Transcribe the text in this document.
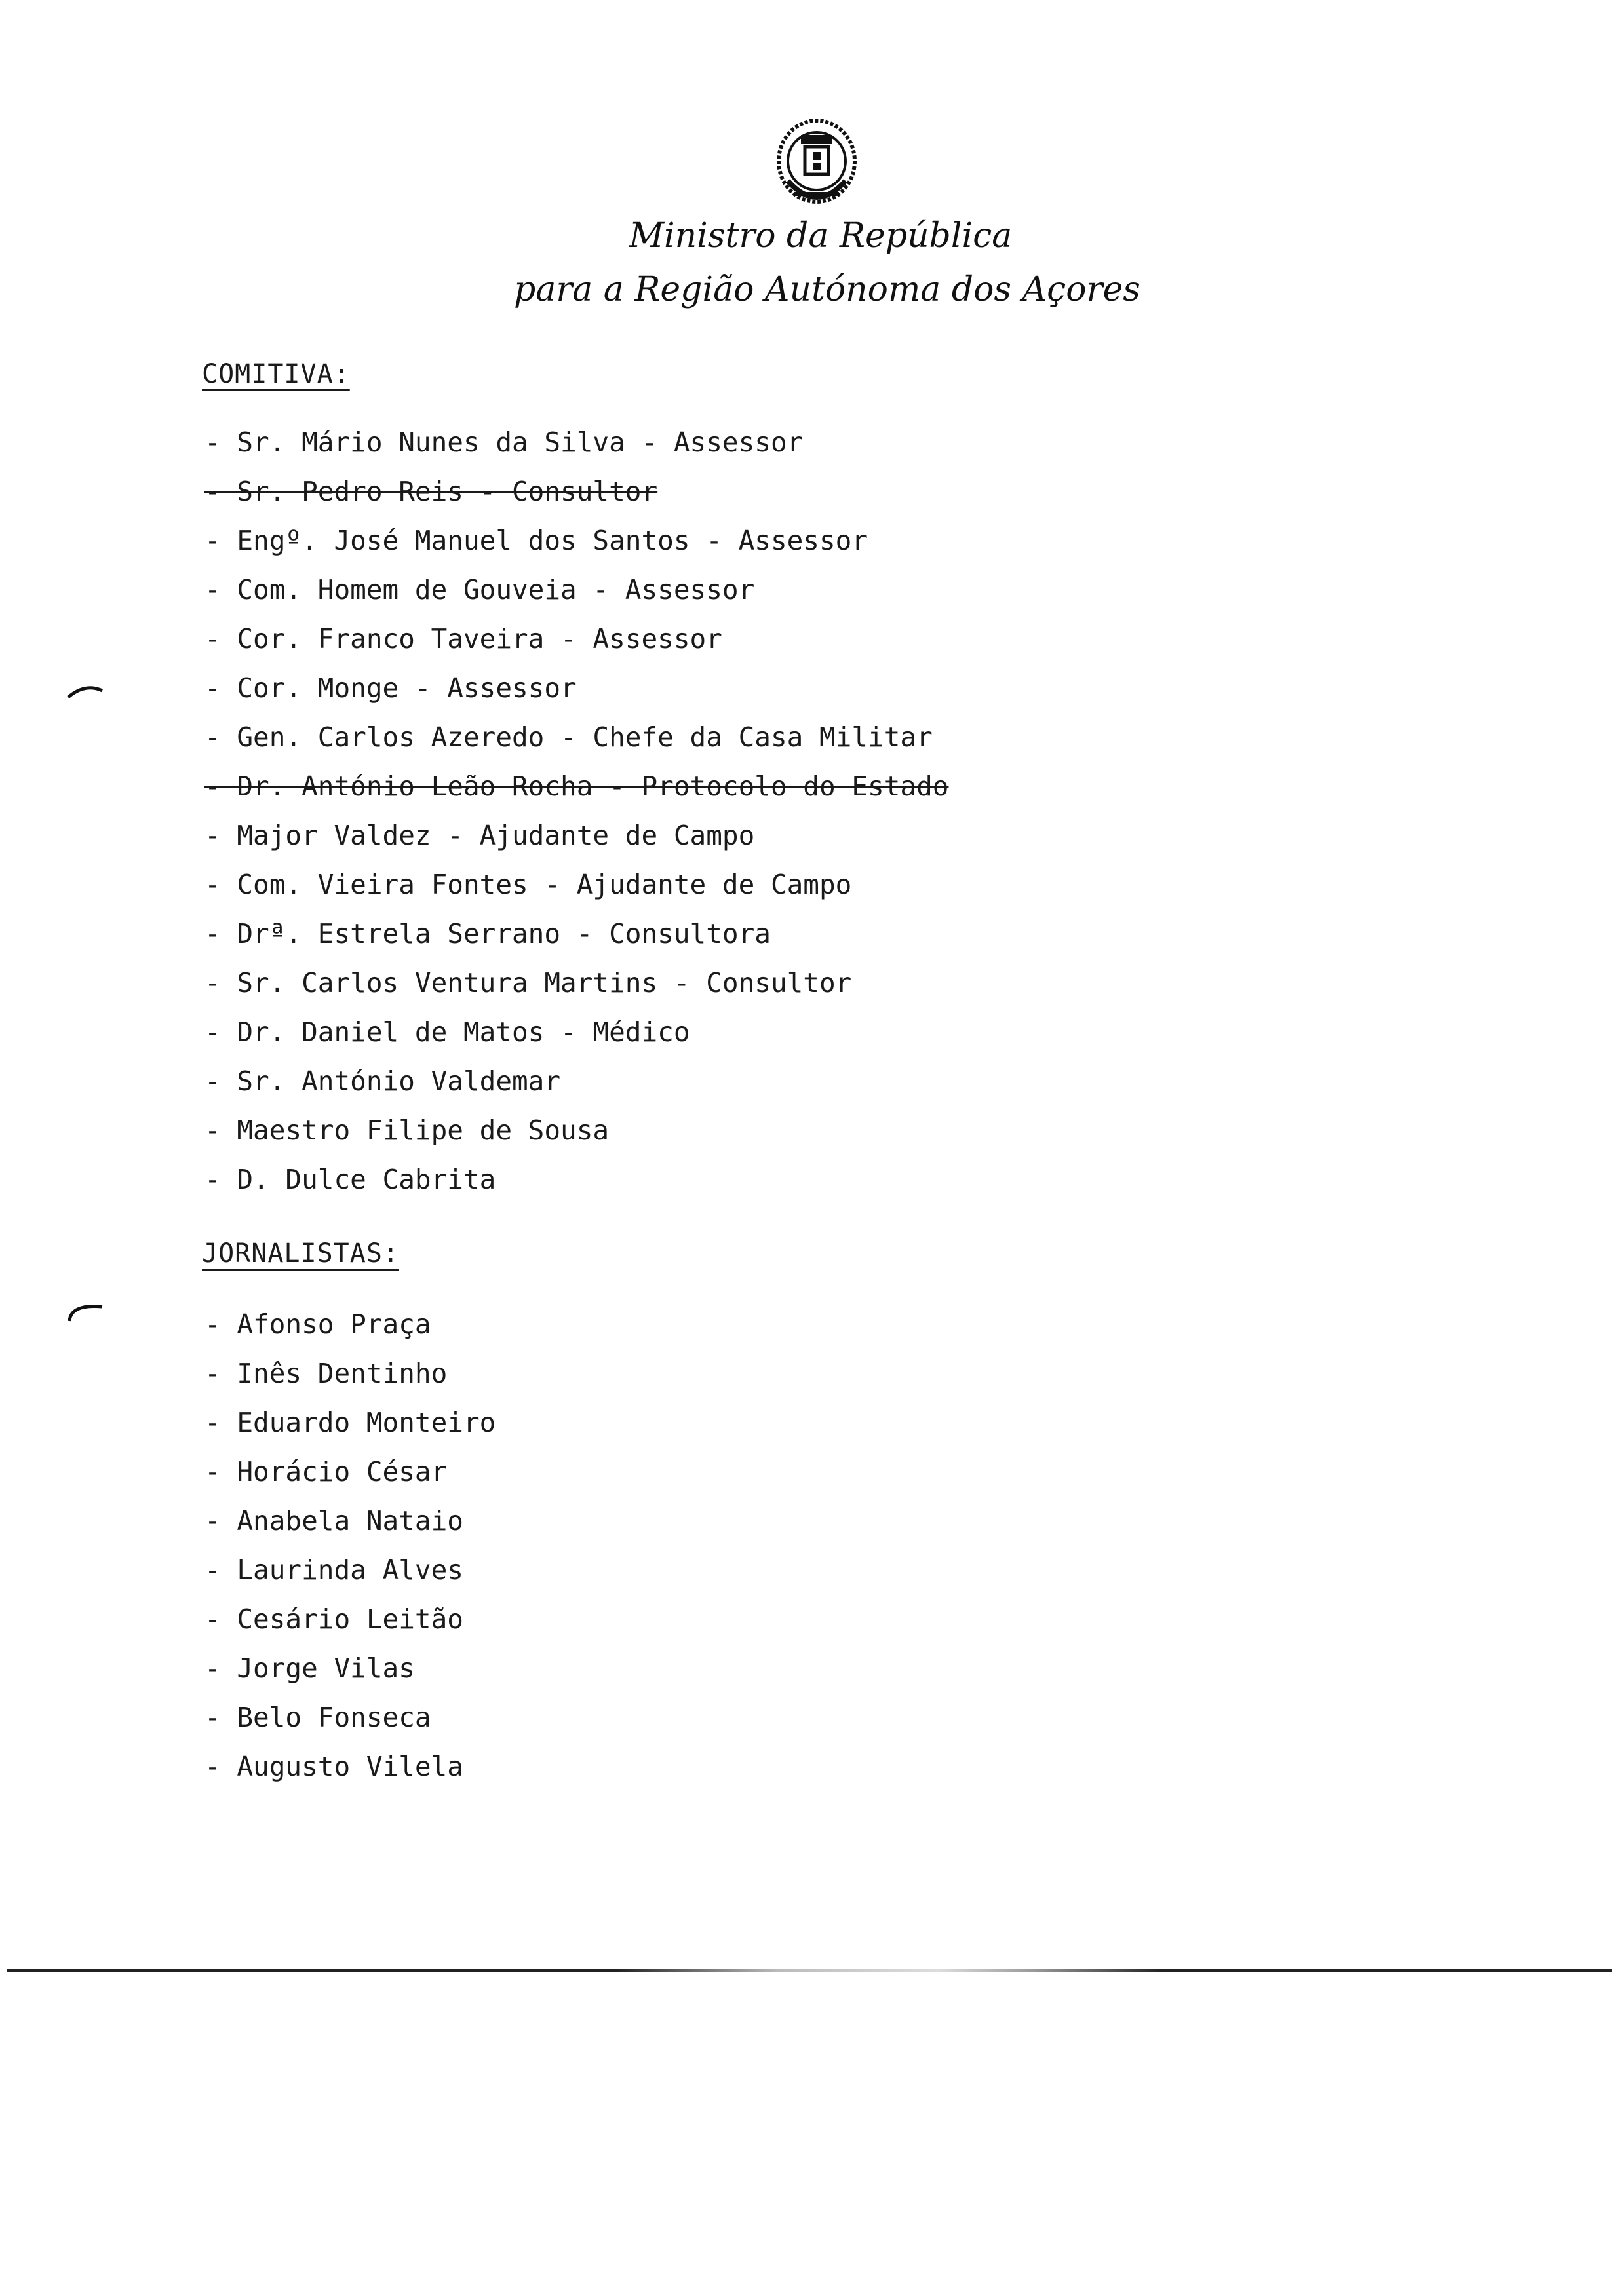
Ministro da República
para a Região Autónoma dos Açores
COMITIVA:
- Sr. Mário Nunes da Silva - Assessor
- Sr. Pedro Reis - Consultor
- Engº. José Manuel dos Santos - Assessor
- Com. Homem de Gouveia - Assessor
- Cor. Franco Taveira - Assessor
- Cor. Monge - Assessor
- Gen. Carlos Azeredo - Chefe da Casa Militar
- Dr. António Leão Rocha - Protocolo do Estado
- Major Valdez - Ajudante de Campo
- Com. Vieira Fontes - Ajudante de Campo
- Drª. Estrela Serrano - Consultora
- Sr. Carlos Ventura Martins - Consultor
- Dr. Daniel de Matos - Médico
- Sr. António Valdemar
- Maestro Filipe de Sousa
- D. Dulce Cabrita
JORNALISTAS:
- Afonso Praça
- Inês Dentinho
- Eduardo Monteiro
- Horácio César
- Anabela Nataio
- Laurinda Alves
- Cesário Leitão
- Jorge Vilas
- Belo Fonseca
- Augusto Vilela
